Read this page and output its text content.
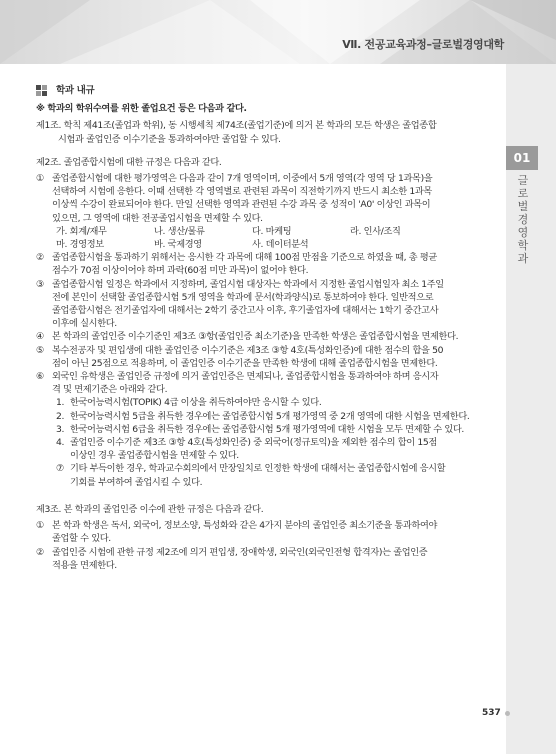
Ⅶ. 전공교육과정–글로벌경영대학
01
글로벌경영학과
학과 내규
※ 학과의 학위수여를 위한 졸업요건 등은 다음과 같다.
제1조. 학칙 제41조(졸업과 학위), 동 시행세칙 제74조(졸업기준)에 의거 본 학과의 모든 학생은 졸업종합
시험과 졸업인증 이수기준을 통과하여야만 졸업할 수 있다.
제2조. 졸업종합시험에 대한 규정은 다음과 같다.
① 졸업종합시험에 대한 평가영역은 다음과 같이 7개 영역이며, 이중에서 5개 영역(각 영역 당 1과목)을
선택하여 시험에 응한다. 이때 선택한 각 영역별로 관련된 과목이 직전학기까지 반드시 최소한 1과목
이상씩 수강이 완료되어야 한다. 만일 선택한 영역과 관련된 수강 과목 중 성적이 'A0' 이상인 과목이
있으면, 그 영역에 대한 전공졸업시험을 면제할 수 있다.
가. 회계/재무	나. 생산/물류	다. 마케팅	라. 인사/조직
마. 경영정보	바. 국제경영	사. 데이터분석
② 졸업종합시험을 통과하기 위해서는 응시한 각 과목에 대해 100점 만점을 기준으로 하였을 때, 총 평균
점수가 70점 이상이어야 하며 과락(60점 미만 과목)이 없어야 한다.
③ 졸업종합시험 일정은 학과에서 지정하며, 졸업시험 대상자는 학과에서 지정한 졸업시험일자 최소 1주일
전에 본인이 선택할 졸업종합시험 5개 영역을 학과에 문서(학과양식)로 통보하여야 한다. 일반적으로
졸업종합시험은 전기졸업자에 대해서는 2학기 중간고사 이후, 후기졸업자에 대해서는 1학기 중간고사
이후에 실시한다.
④ 본 학과의 졸업인증 이수기준인 제3조 ③항(졸업인증 최소기준)을 만족한 학생은 졸업종합시험을 면제한다.
⑤ 복수전공자 및 편입생에 대한 졸업인증 이수기준은 제3조 ③항 4호(특성화인증)에 대한 점수의 합을 50
점이 아닌 25점으로 적용하며, 이 졸업인증 이수기준을 만족한 학생에 대해 졸업종합시험을 면제한다.
⑥ 외국인 유학생은 졸업인증 규정에 의거 졸업인증은 면제되나, 졸업종합시험을 통과하여야 하며 응시자
격 및 면제기준은 아래와 같다.
1. 한국어능력시험(TOPIK) 4급 이상을 취득하여야만 응시할 수 있다.
2. 한국어능력시험 5급을 취득한 경우에는 졸업종합시험 5개 평가영역 중 2개 영역에 대한 시험을 면제한다.
3. 한국어능력시험 6급을 취득한 경우에는 졸업종합시험 5개 평가영역에 대한 시험을 모두 면제할 수 있다.
4. 졸업인증 이수기준 제3조 ③항 4호(특성화인증) 중 외국어(정규토익)을 제외한 점수의 합이 15점
이상인 경우 졸업종합시험을 면제할 수 있다.
⑦ 기타 부득이한 경우, 학과교수회의에서 만장일치로 인정한 학생에 대해서는 졸업종합시험에 응시할
기회를 부여하여 졸업시킬 수 있다.
제3조. 본 학과의 졸업인증 이수에 관한 규정은 다음과 같다.
① 본 학과 학생은 독서, 외국어, 정보소양, 특성화와 같은 4가지 분야의 졸업인증 최소기준을 통과하여야
졸업할 수 있다.
② 졸업인증 시험에 관한 규정 제2조에 의거 편입생, 장애학생, 외국인(외국인전형 합격자)는 졸업인증
적용을 면제한다.
537
